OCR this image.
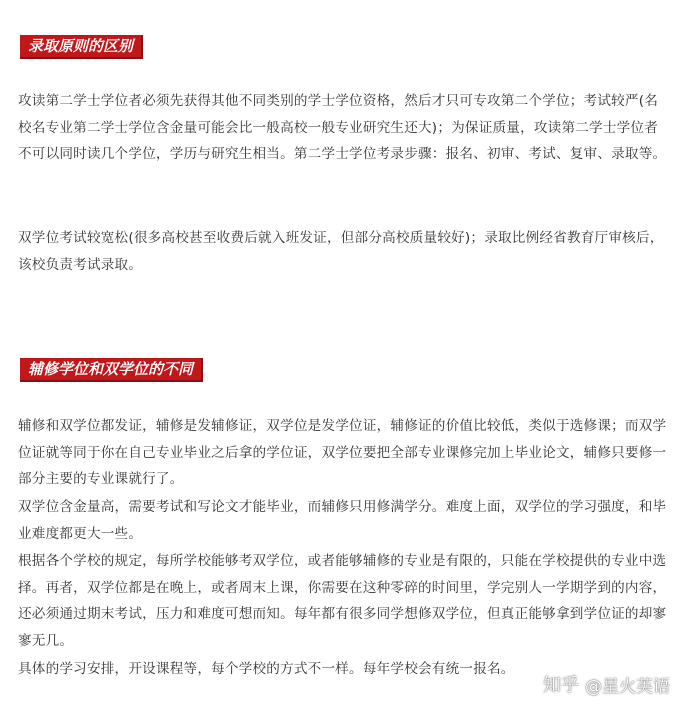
录取原则的区别

攻读第二学士学位者必须先获得其他不同类别的学士学位资格，然后才只可专攻第二个学位；考试较严(名校名专业第二学士学位含金量可能会比一般高校一般专业研究生还大)；为保证质量，攻读第二学士学位者不可以同时读几个学位，学历与研究生相当。第二学士学位考录步骤：报名、初审、考试、复审、录取等。

双学位考试较宽松(很多高校甚至收费后就入班发证，但部分高校质量较好)；录取比例经省教育厅审核后，该校负责考试录取。

辅修学位和双学位的不同

辅修和双学位都发证，辅修是发辅修证，双学位是发学位证，辅修证的价值比较低，类似于选修课；而双学位证就等同于你在自己专业毕业之后拿的学位证，双学位要把全部专业课修完加上毕业论文，辅修只要修一部分主要的专业课就行了。

双学位含金量高，需要考试和写论文才能毕业，而辅修只用修满学分。难度上面，双学位的学习强度，和毕业难度都更大一些。

根据各个学校的规定，每所学校能够考双学位，或者能够辅修的专业是有限的，只能在学校提供的专业中选择。再者，双学位都是在晚上，或者周末上课，你需要在这种零碎的时间里，学完别人一学期学到的内容，还必须通过期末考试，压力和难度可想而知。每年都有很多同学想修双学位，但真正能够拿到学位证的却寥寥无几。

具体的学习安排，开设课程等，每个学校的方式不一样。每年学校会有统一报名。

知乎 @星火英语
